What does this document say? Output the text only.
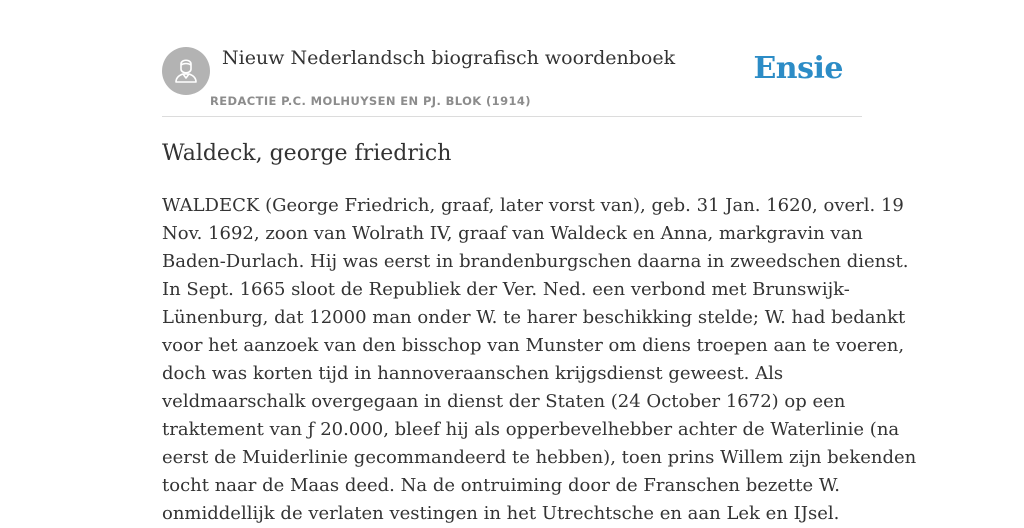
Nieuw Nederlandsch biografisch woordenboek
REDACTIE P.C. MOLHUYSEN EN PJ. BLOK (1914)
Ensie
Waldeck, george friedrich
WALDECK (George Friedrich, graaf, later vorst van), geb. 31 Jan. 1620, overl. 19
Nov. 1692, zoon van Wolrath IV, graaf van Waldeck en Anna, markgravin van
Baden-Durlach. Hij was eerst in brandenburgschen daarna in zweedschen dienst.
In Sept. 1665 sloot de Republiek der Ver. Ned. een verbond met Brunswijk-
Lünenburg, dat 12000 man onder W. te harer beschikking stelde; W. had bedankt
voor het aanzoek van den bisschop van Munster om diens troepen aan te voeren,
doch was korten tijd in hannoveraanschen krijgsdienst geweest. Als
veldmaarschalk overgegaan in dienst der Staten (24 October 1672) op een
traktement van ƒ 20.000, bleef hij als opperbevelhebber achter de Waterlinie (na
eerst de Muiderlinie gecommandeerd te hebben), toen prins Willem zijn bekenden
tocht naar de Maas deed. Na de ontruiming door de Franschen bezette W.
onmiddellijk de verlaten vestingen in het Utrechtsche en aan Lek en IJsel.
